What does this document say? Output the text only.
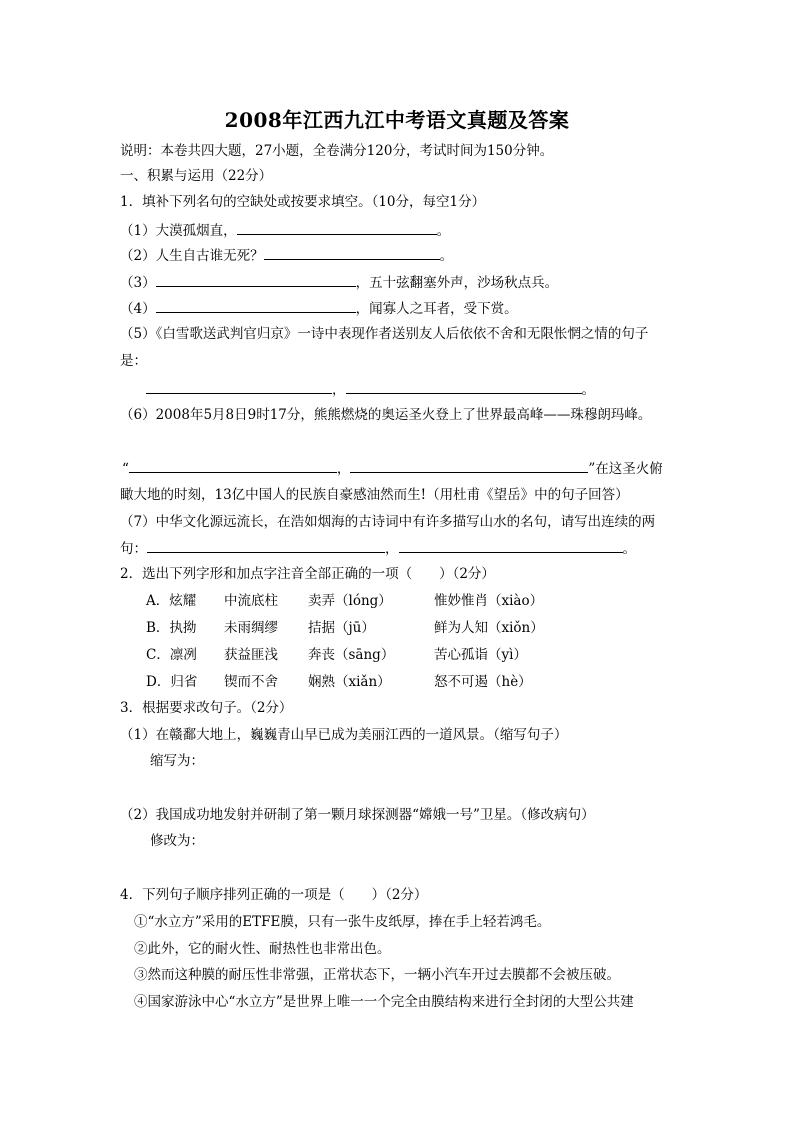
2008年江西九江中考语文真题及答案
说明：本卷共四大题，27小题，全卷满分120分，考试时间为150分钟。
一、积累与运用（22分）
1．填补下列名句的空缺处或按要求填空。（10分，每空1分）
（1）大漠孤烟直，	。
（2）人生自古谁无死？	。
（3）	，五十弦翻塞外声，沙场秋点兵。
（4）	，闻寡人之耳者，受下赏。
（5）《白雪歌送武判官归京》一诗中表现作者送别友人后依依不舍和无限怅惘之情的句子
是：
，	。
（6）2008年5月8日9时17分，熊熊燃烧的奥运圣火登上了世界最高峰——珠穆朗玛峰。
“	，	”在这圣火俯
瞰大地的时刻，13亿中国人的民族自豪感油然而生!（用杜甫《望岳》中的句子回答）
（7）中华文化源远流长，在浩如烟海的古诗词中有许多描写山水的名句，请写出连续的两
句：	，	。
2．选出下列字形和加点字注音全部正确的一项（　　）（2分）
A．炫耀 中流底柱 卖弄（lóng）	惟妙惟肖（xiào）
B．执拗 未雨绸缪 拮据（jū）	鲜为人知（xiǒn）
C．凛冽 获益匪浅 奔丧（sāng）	苦心孤诣（yì）
D．归省 锲而不舍 娴熟（xiǎn）	怒不可遏（hè）
3．根据要求改句子。（2分）
（1）在赣鄱大地上，巍巍青山早已成为美丽江西的一道风景。（缩写句子）
缩写为：
（2）我国成功地发射并研制了第一颗月球探测器“嫦娥一号”卫星。（修改病句）
修改为：
4．下列句子顺序排列正确的一项是（　　）（2分）
①“水立方”采用的ETFE膜，只有一张牛皮纸厚，捧在手上轻若鸿毛。
②此外，它的耐火性、耐热性也非常出色。
③然而这种膜的耐压性非常强，正常状态下，一辆小汽车开过去膜都不会被压破。
④国家游泳中心“水立方”是世界上唯一一个完全由膜结构来进行全封闭的大型公共建
